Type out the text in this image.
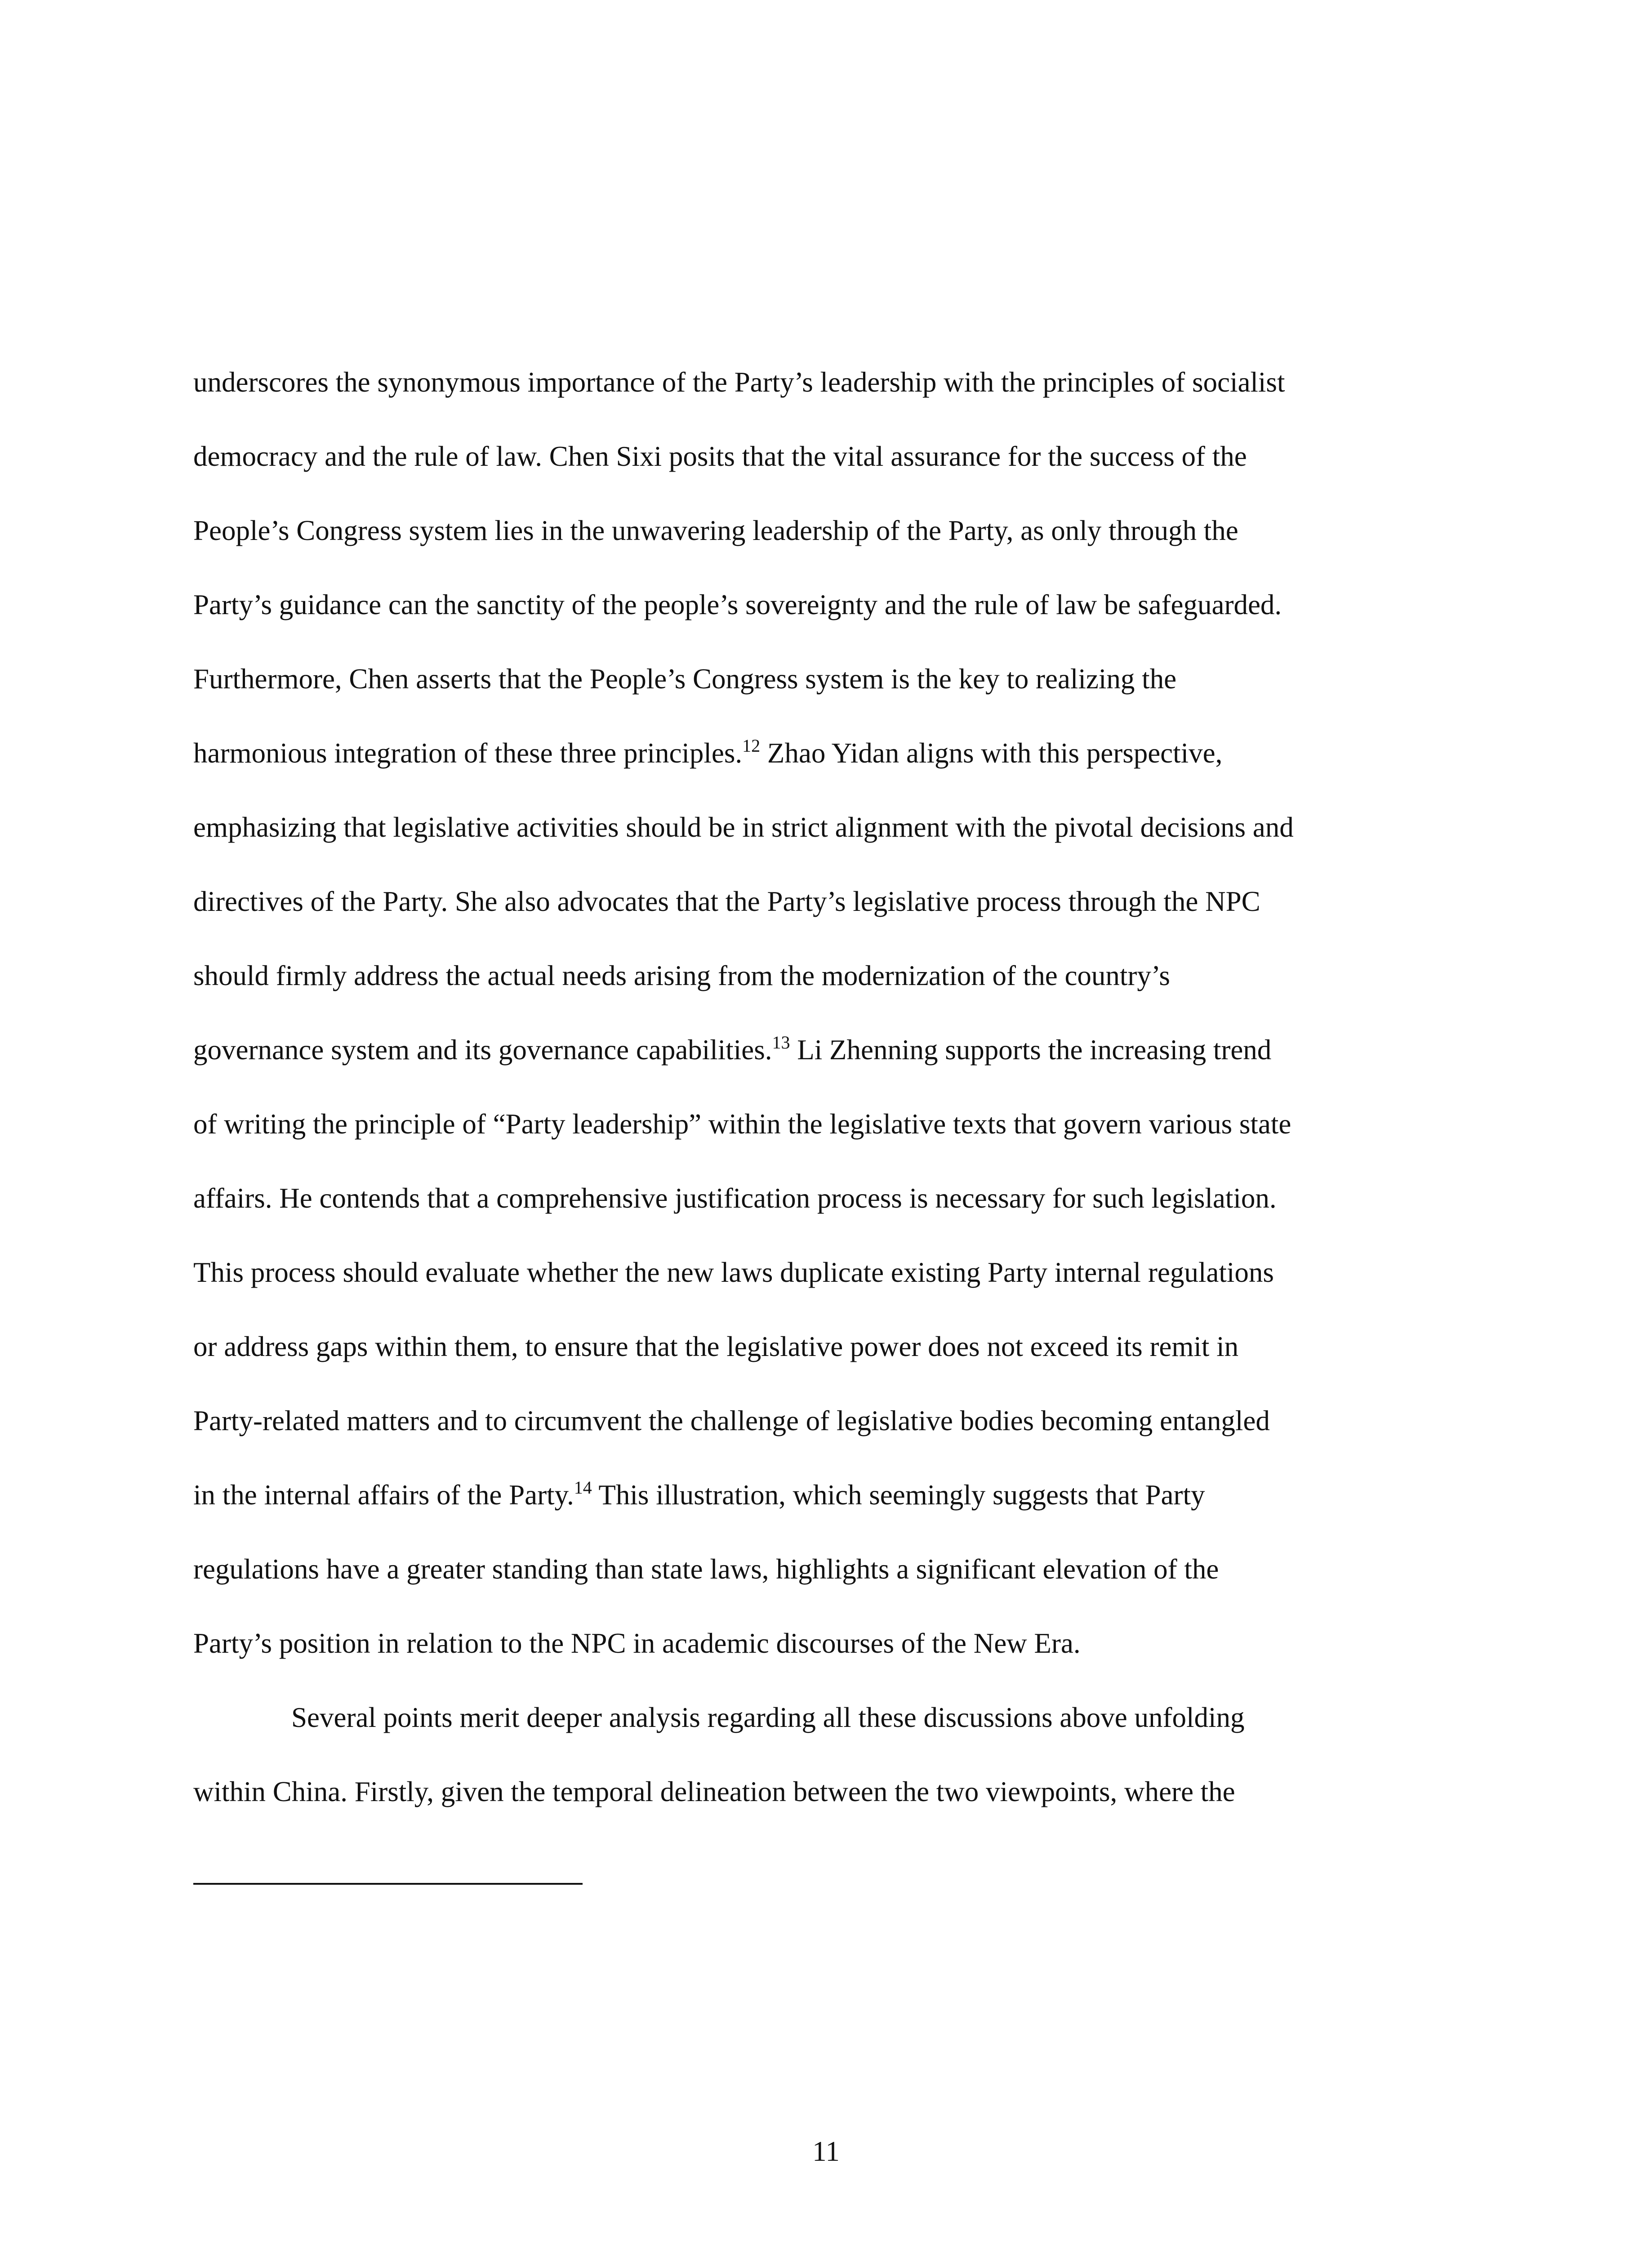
underscores the synonymous importance of the Party’s leadership with the principles of socialist
democracy and the rule of law. Chen Sixi posits that the vital assurance for the success of the
People’s Congress system lies in the unwavering leadership of the Party, as only through the
Party’s guidance can the sanctity of the people’s sovereignty and the rule of law be safeguarded.
Furthermore, Chen asserts that the People’s Congress system is the key to realizing the
harmonious integration of these three principles.$^{12}$ Zhao Yidan aligns with this perspective,
emphasizing that legislative activities should be in strict alignment with the pivotal decisions and
directives of the Party. She also advocates that the Party’s legislative process through the NPC
should firmly address the actual needs arising from the modernization of the country’s
governance system and its governance capabilities.$^{13}$ Li Zhenning supports the increasing trend
of writing the principle of “Party leadership” within the legislative texts that govern various state
affairs. He contends that a comprehensive justification process is necessary for such legislation.
This process should evaluate whether the new laws duplicate existing Party internal regulations
or address gaps within them, to ensure that the legislative power does not exceed its remit in
Party-related matters and to circumvent the challenge of legislative bodies becoming entangled
in the internal affairs of the Party.$^{14}$ This illustration, which seemingly suggests that Party
regulations have a greater standing than state laws, highlights a significant elevation of the
Party’s position in relation to the NPC in academic discourses of the New Era.
Several points merit deeper analysis regarding all these discussions above unfolding
within China. Firstly, given the temporal delineation between the two viewpoints, where the
11
